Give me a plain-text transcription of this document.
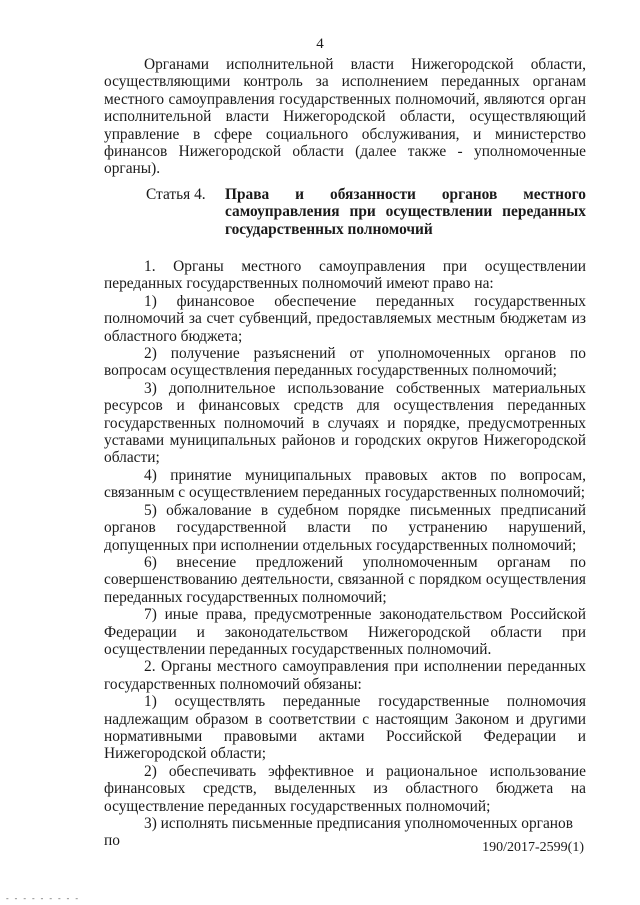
4

Органами исполнительной власти Нижегородской области, осуществляющими контроль за исполнением переданных органам местного самоуправления государственных полномочий, являются орган исполнительной власти Нижегородской области, осуществляющий управление в сфере социального обслуживания, и министерство финансов Нижегородской области (далее также - уполномоченные органы).

Статья 4. Права и обязанности органов местного самоуправления при осуществлении переданных государственных полномочий

1. Органы местного самоуправления при осуществлении переданных государственных полномочий имеют право на:

1) финансовое обеспечение переданных государственных полномочий за счет субвенций, предоставляемых местным бюджетам из областного бюджета;

2) получение разъяснений от уполномоченных органов по вопросам осуществления переданных государственных полномочий;

3) дополнительное использование собственных материальных ресурсов и финансовых средств для осуществления переданных государственных полномочий в случаях и порядке, предусмотренных уставами муниципальных районов и городских округов Нижегородской области;

4) принятие муниципальных правовых актов по вопросам, связанным с осуществлением переданных государственных полномочий;

5) обжалование в судебном порядке письменных предписаний органов государственной власти по устранению нарушений, допущенных при исполнении отдельных государственных полномочий;

6) внесение предложений уполномоченным органам по совершенствованию деятельности, связанной с порядком осуществления переданных государственных полномочий;

7) иные права, предусмотренные законодательством Российской Федерации и законодательством Нижегородской области при осуществлении переданных государственных полномочий.

2. Органы местного самоуправления при исполнении переданных государственных полномочий обязаны:

1) осуществлять переданные государственные полномочия надлежащим образом в соответствии с настоящим Законом и другими нормативными правовыми актами Российской Федерации и Нижегородской области;

2) обеспечивать эффективное и рациональное использование финансовых средств, выделенных из областного бюджета на осуществление переданных государственных полномочий;

3) исполнять письменные предписания уполномоченных органов по	190/2017-2599(1)
- - - - - - - - -
